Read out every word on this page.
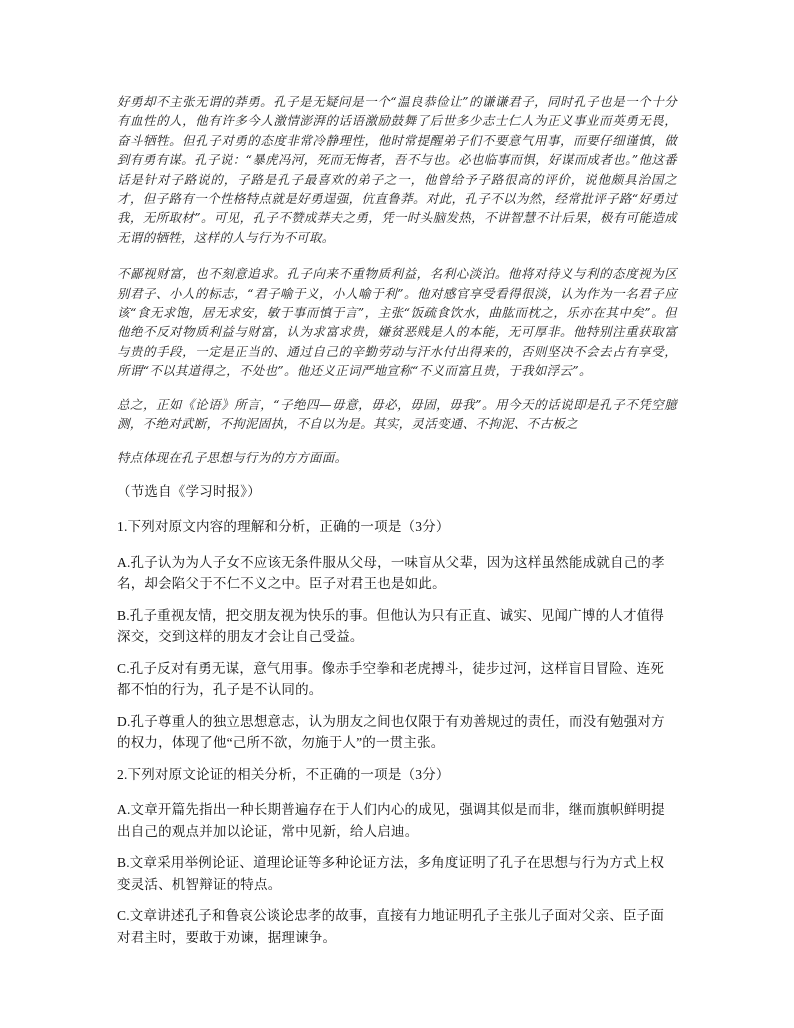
好勇却不主张无谓的莽勇。孔子是无疑问是一个“温良恭俭让”的谦谦君子，同时孔子也是一个十分有血性的人，他有许多今人激情澎湃的话语激励鼓舞了后世多少志士仁人为正义事业而英勇无畏，奋斗牺牲。但孔子对勇的态度非常冷静理性，他时常提醒弟子们不要意气用事，而要仔细谨慎，做到有勇有谋。孔子说：“暴虎冯河，死而无悔者，吾不与也。必也临事而惧，好谋而成者也。”他这番话是针对子路说的，子路是孔子最喜欢的弟子之一，他曾给予子路很高的评价，说他颇具治国之才，但子路有一个性格特点就是好勇逞强，伉直鲁莽。对此，孔子不以为然，经常批评子路“好勇过我，无所取材”。可见，孔子不赞成莽夫之勇，凭一时头脑发热，不讲智慧不计后果，极有可能造成无谓的牺牲，这样的人与行为不可取。

不鄙视财富，也不刻意追求。孔子向来不重物质利益，名利心淡泊。他将对待义与利的态度视为区别君子、小人的标志，“君子喻于义，小人喻于利”。他对感官享受看得很淡，认为作为一名君子应该“食无求饱，居无求安，敏于事而慎于言”，主张“饭疏食饮水，曲肱而枕之，乐亦在其中矣”。但他绝不反对物质利益与财富，认为求富求贵，嫌贫恶贱是人的本能，无可厚非。他特别注重获取富与贵的手段，一定是正当的、通过自己的辛勤劳动与汗水付出得来的，否则坚决不会去占有享受，所谓“不以其道得之，不处也”。他还义正词严地宣称“不义而富且贵，于我如浮云”。

总之，正如《论语》所言，“子绝四—毋意，毋必，毋固，毋我”。用今天的话说即是孔子不凭空臆测，不绝对武断，不拘泥固执，不自以为是。其实，灵活变通、不拘泥、不古板之

特点体现在孔子思想与行为的方方面面。

（节选自《学习时报》）

1.下列对原文内容的理解和分析，正确的一项是（3分）

A.孔子认为为人子女不应该无条件服从父母，一味盲从父辈，因为这样虽然能成就自己的孝名，却会陷父于不仁不义之中。臣子对君王也是如此。

B.孔子重视友情，把交朋友视为快乐的事。但他认为只有正直、诚实、见闻广博的人才值得深交，交到这样的朋友才会让自己受益。

C.孔子反对有勇无谋，意气用事。像赤手空拳和老虎搏斗，徒步过河，这样盲目冒险、连死都不怕的行为，孔子是不认同的。

D.孔子尊重人的独立思想意志，认为朋友之间也仅限于有劝善规过的责任，而没有勉强对方的权力，体现了他“己所不欲，勿施于人”的一贯主张。

2.下列对原文论证的相关分析，不正确的一项是（3分）

A.文章开篇先指出一种长期普遍存在于人们内心的成见，强调其似是而非，继而旗帜鲜明提出自己的观点并加以论证，常中见新，给人启迪。

B.文章采用举例论证、道理论证等多种论证方法，多角度证明了孔子在思想与行为方式上权变灵活、机智辩证的特点。

C.文章讲述孔子和鲁哀公谈论忠孝的故事，直接有力地证明孔子主张儿子面对父亲、臣子面对君主时，要敢于劝谏，据理谏争。
